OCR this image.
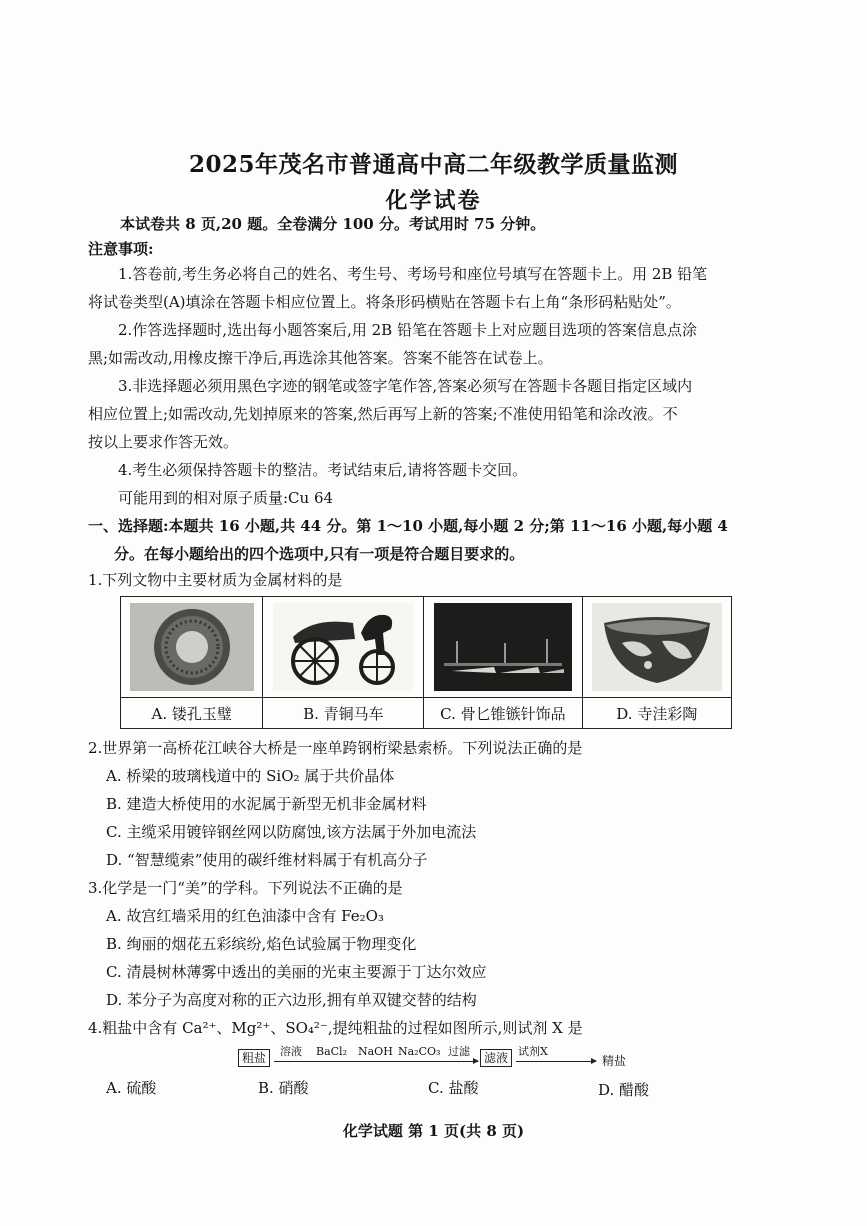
2025年茂名市普通高中高二年级教学质量监测
化学试卷
本试卷共 8 页,20 题。全卷满分 100 分。考试用时 75 分钟。
注意事项:
1.答卷前,考生务必将自己的姓名、考生号、考场号和座位号填写在答题卡上。用 2B 铅笔
将试卷类型(A)填涂在答题卡相应位置上。将条形码横贴在答题卡右上角“条形码粘贴处”。
2.作答选择题时,选出每小题答案后,用 2B 铅笔在答题卡上对应题目选项的答案信息点涂
黑;如需改动,用橡皮擦干净后,再选涂其他答案。答案不能答在试卷上。
3.非选择题必须用黑色字迹的钢笔或签字笔作答,答案必须写在答题卡各题目指定区域内
相应位置上;如需改动,先划掉原来的答案,然后再写上新的答案;不准使用铅笔和涂改液。不
按以上要求作答无效。
4.考生必须保持答题卡的整洁。考试结束后,请将答题卡交回。
可能用到的相对原子质量:Cu 64
一、选择题:本题共 16 小题,共 44 分。第 1～10 小题,每小题 2 分;第 11～16 小题,每小题 4
分。在每小题给出的四个选项中,只有一项是符合题目要求的。
1.下列文物中主要材质为金属材料的是

A. 镂孔玉璧	B. 青铜马车	C. 骨匕锥镞针饰品	D. 寺洼彩陶
2.世界第一高桥花江峡谷大桥是一座单跨钢桁梁悬索桥。下列说法正确的是
A. 桥梁的玻璃栈道中的 SiO₂ 属于共价晶体
B. 建造大桥使用的水泥属于新型无机非金属材料
C. 主缆采用镀锌钢丝网以防腐蚀,该方法属于外加电流法
D. “智慧缆索”使用的碳纤维材料属于有机高分子
3.化学是一门“美”的学科。下列说法不正确的是
A. 故宫红墙采用的红色油漆中含有 Fe₂O₃
B. 绚丽的烟花五彩缤纷,焰色试验属于物理变化
C. 清晨树林薄雾中透出的美丽的光束主要源于丁达尔效应
D. 苯分子为高度对称的正六边形,拥有单双键交替的结构
4.粗盐中含有 Ca²⁺、Mg²⁺、SO₄²⁻,提纯粗盐的过程如图所示,则试剂 X 是
粗盐	溶液 BaCl₂ NaOH Na₂CO₃ 过滤	滤液 试剂X
精盐
A. 硫酸	B. 硝酸	C. 盐酸	D. 醋酸
化学试题 第 1 页(共 8 页)
